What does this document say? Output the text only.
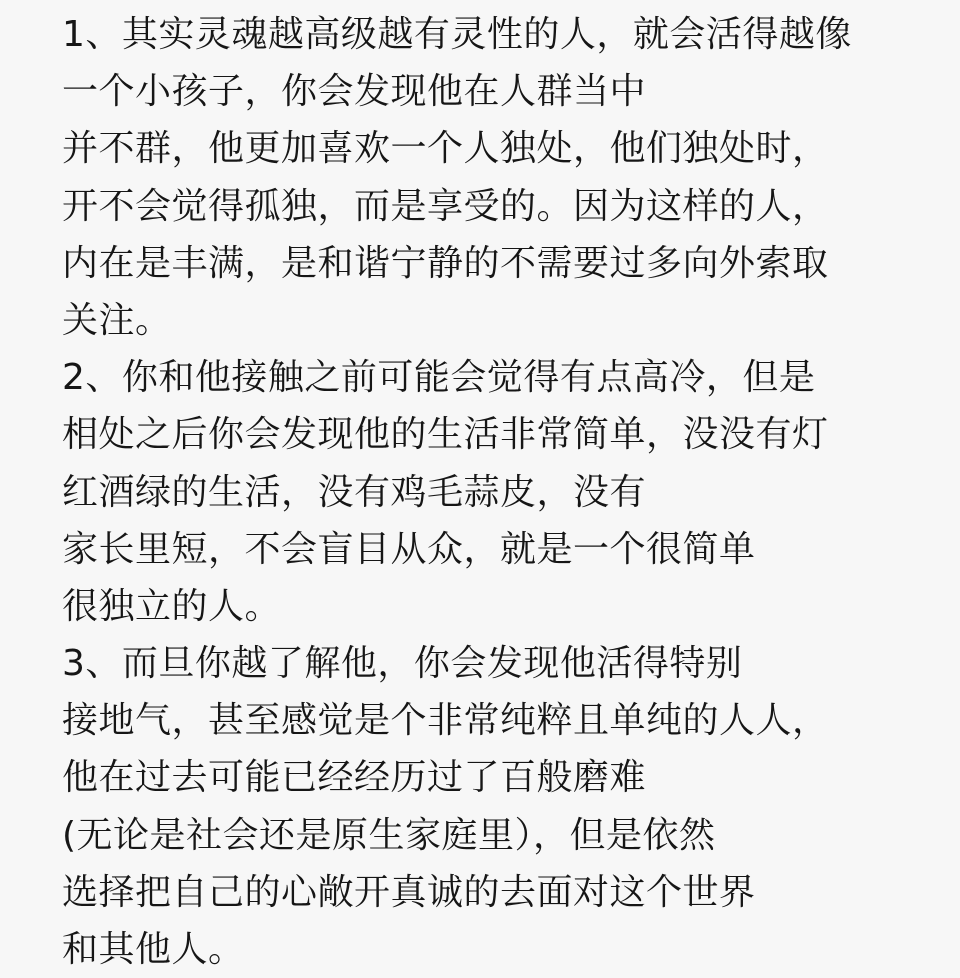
1、其实灵魂越高级越有灵性的人，就会活得越像
一个小孩子，你会发现他在人群当中
并不群，他更加喜欢一个人独处，他们独处时，
开不会觉得孤独，而是享受的。因为这样的人，
内在是丰满，是和谐宁静的不需要过多向外索取
关注。
2、你和他接触之前可能会觉得有点高冷，但是
相处之后你会发现他的生活非常简单，没没有灯
红酒绿的生活，没有鸡毛蒜皮，没有
家长里短，不会盲目从众，就是一个很简单
很独立的人。
3、而旦你越了解他，你会发现他活得特别
接地气，甚至感觉是个非常纯粹且单纯的人人，
他在过去可能已经经历过了百般磨难
(无论是社会还是原生家庭里），但是依然
选择把自己的心敞开真诚的去面对这个世界
和其他人。
